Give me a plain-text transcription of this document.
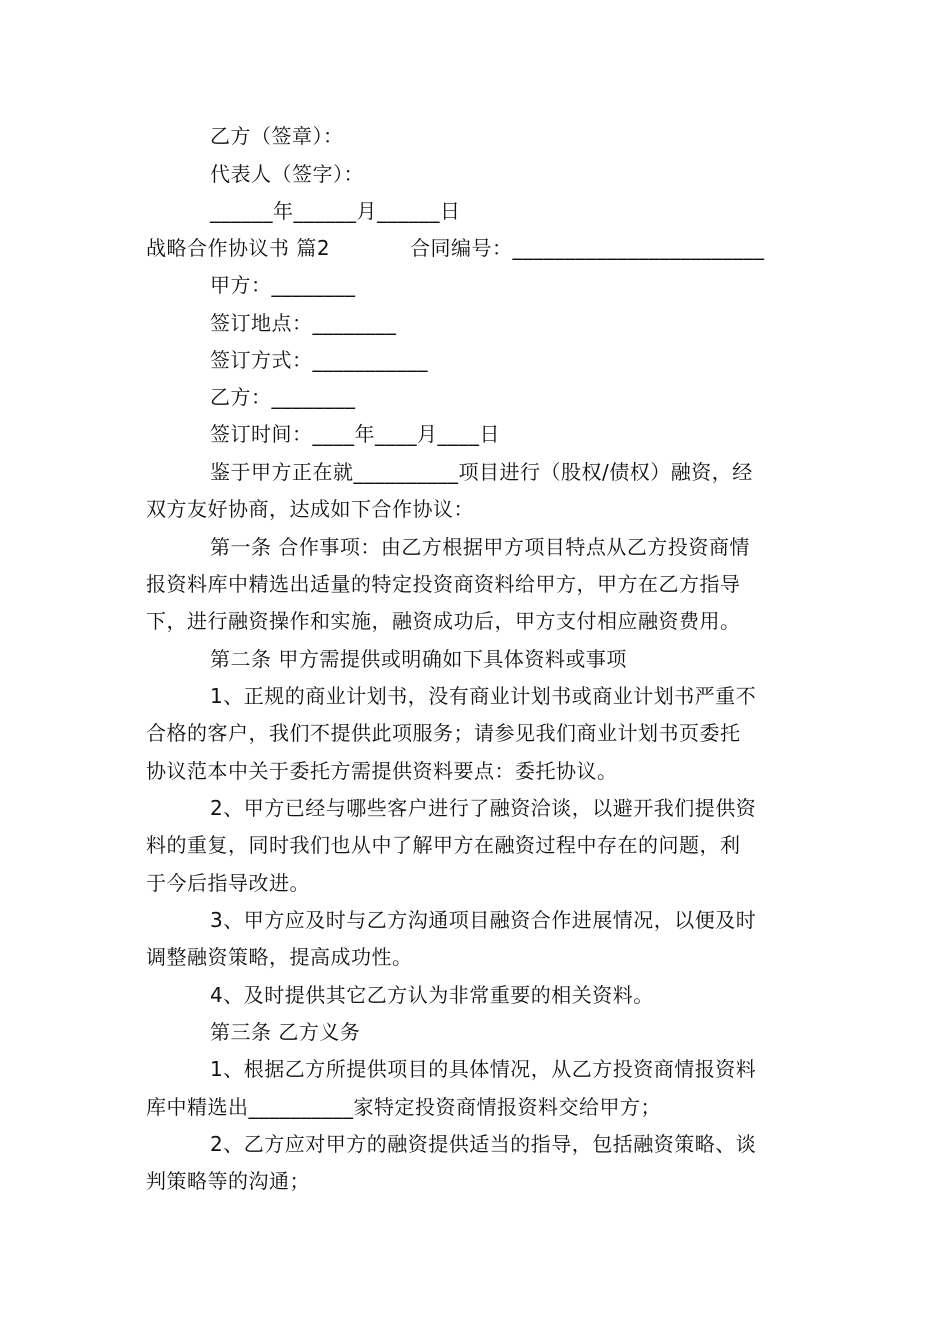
乙方（签章）：
代表人（签字）：
______年______月______日
战略合作协议书 篇2	合同编号：________________________
甲方：________
签订地点：________
签订方式：___________
乙方：________
签订时间：____年____月____日
鉴于甲方正在就__________项目进行（股权/债权）融资，经
双方友好协商，达成如下合作协议：
第一条 合作事项：由乙方根据甲方项目特点从乙方投资商情
报资料库中精选出适量的特定投资商资料给甲方，甲方在乙方指导
下，进行融资操作和实施，融资成功后，甲方支付相应融资费用。
第二条 甲方需提供或明确如下具体资料或事项
1、正规的商业计划书，没有商业计划书或商业计划书严重不
合格的客户，我们不提供此项服务；请参见我们商业计划书页委托
协议范本中关于委托方需提供资料要点：委托协议。
2、甲方已经与哪些客户进行了融资洽谈，以避开我们提供资
料的重复，同时我们也从中了解甲方在融资过程中存在的问题，利
于今后指导改进。
3、甲方应及时与乙方沟通项目融资合作进展情况，以便及时
调整融资策略，提高成功性。
4、及时提供其它乙方认为非常重要的相关资料。
第三条 乙方义务
1、根据乙方所提供项目的具体情况，从乙方投资商情报资料
库中精选出__________家特定投资商情报资料交给甲方；
2、乙方应对甲方的融资提供适当的指导，包括融资策略、谈
判策略等的沟通；
